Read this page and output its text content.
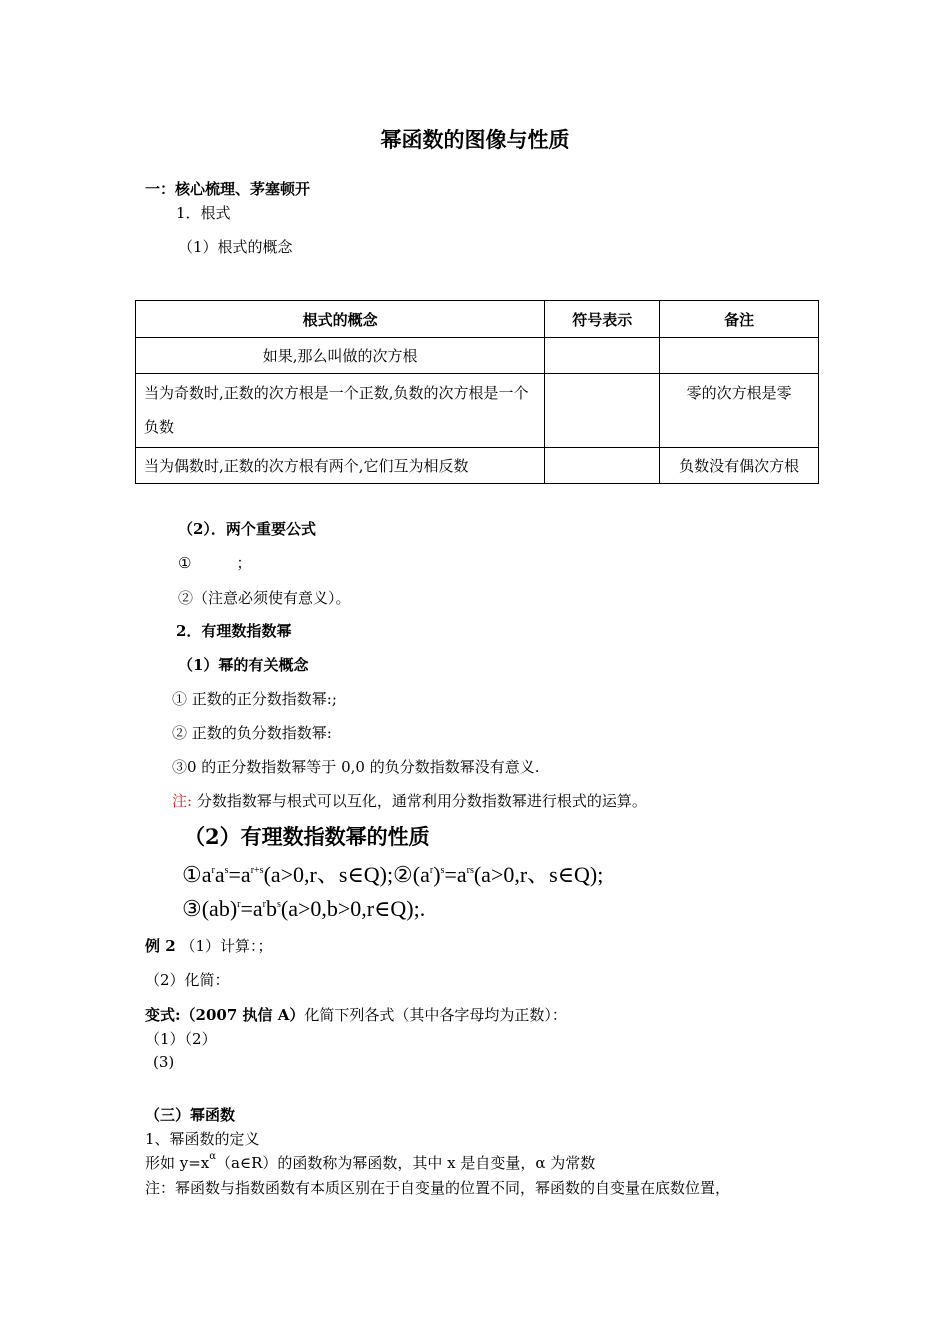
幂函数的图像与性质
一：核心梳理、茅塞顿开
1．根式
（1）根式的概念
根式的概念	符号表示	备注
如果,那么叫做的次方根		
当为奇数时,正数的次方根是一个正数,负数的次方根是一个负数		零的次方根是零
当为偶数时,正数的次方根有两个,它们互为相反数		负数没有偶次方根
（2）．两个重要公式
①　　　；
②（注意必须使有意义）。
2．有理数指数幂
（1）幂的有关概念
① 正数的正分数指数幂:;
② 正数的负分数指数幂:
③0 的正分数指数幂等于 0,0 的负分数指数幂没有意义.
注: 分数指数幂与根式可以互化，通常利用分数指数幂进行根式的运算。
（2）有理数指数幂的性质
$①a^ra^s=a^{r+s}(a>0,r$、$s\in Q);②(a^r)^s=a^{rs}(a>0,r$、s∈Q);
$③(ab)^r=a^rb^s(a>0,b>0,r\in Q)$;.
例 2 （1）计算：；
（2）化简：
变式:（2007 执信 A）化简下列各式（其中各字母均为正数）：
（1）（2）
(3)
（三）幂函数
1、幂函数的定义
形如 $y=x^\alpha(a\in R)$的函数称为幂函数，其中 x 是自变量，α 为常数
注：幂函数与指数函数有本质区别在于自变量的位置不同，幂函数的自变量在底数位置，
